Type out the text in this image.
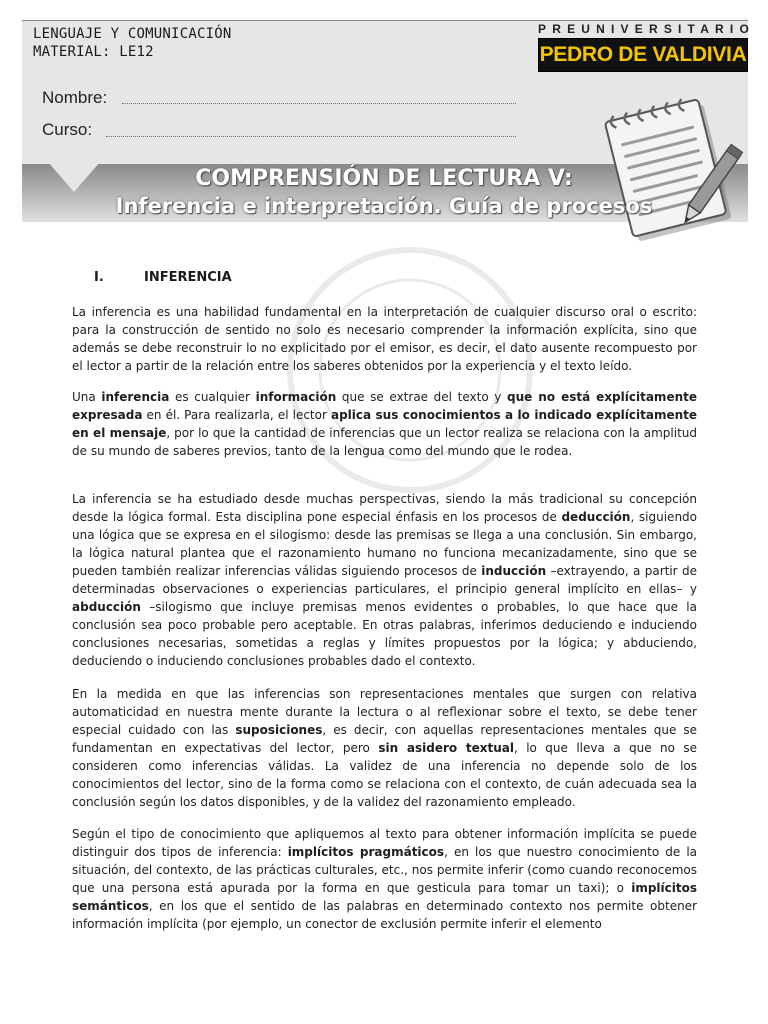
LENGUAJE Y COMUNICACIÓN
MATERIAL: LE12
PREUNIVERSITARIO
PEDRO DE VALDIVIA
Nombre:
Curso:
COMPRENSIÓN DE LECTURA V:
Inferencia e interpretación. Guía de procesos
I.	INFERENCIA

La inferencia es una habilidad fundamental en la interpretación de cualquier discurso oral o escrito: para la construcción de sentido no solo es necesario comprender la información explícita, sino que además se debe reconstruir lo no explicitado por el emisor, es decir, el dato ausente recompuesto por el lector a partir de la relación entre los saberes obtenidos por la experiencia y el texto leído.

Una inferencia es cualquier información que se extrae del texto y que no está explícitamente expresada en él. Para realizarla, el lector aplica sus conocimientos a lo indicado explícitamente en el mensaje, por lo que la cantidad de inferencias que un lector realiza se relaciona con la amplitud de su mundo de saberes previos, tanto de la lengua como del mundo que le rodea.

La inferencia se ha estudiado desde muchas perspectivas, siendo la más tradicional su concepción desde la lógica formal. Esta disciplina pone especial énfasis en los procesos de deducción, siguiendo una lógica que se expresa en el silogismo: desde las premisas se llega a una conclusión. Sin embargo, la lógica natural plantea que el razonamiento humano no funciona mecanizadamente, sino que se pueden también realizar inferencias válidas siguiendo procesos de inducción –extrayendo, a partir de determinadas observaciones o experiencias particulares, el principio general implícito en ellas– y abducción –silogismo que incluye premisas menos evidentes o probables, lo que hace que la conclusión sea poco probable pero aceptable. En otras palabras, inferimos deduciendo e induciendo conclusiones necesarias, sometidas a reglas y límites propuestos por la lógica; y abduciendo, deduciendo o induciendo conclusiones probables dado el contexto.

En la medida en que las inferencias son representaciones mentales que surgen con relativa automaticidad en nuestra mente durante la lectura o al reflexionar sobre el texto, se debe tener especial cuidado con las suposiciones, es decir, con aquellas representaciones mentales que se fundamentan en expectativas del lector, pero sin asidero textual, lo que lleva a que no se consideren como inferencias válidas. La validez de una inferencia no depende solo de los conocimientos del lector, sino de la forma como se relaciona con el contexto, de cuán adecuada sea la conclusión según los datos disponibles, y de la validez del razonamiento empleado.

Según el tipo de conocimiento que apliquemos al texto para obtener información implícita se puede distinguir dos tipos de inferencia: implícitos pragmáticos, en los que nuestro conocimiento de la situación, del contexto, de las prácticas culturales, etc., nos permite inferir (como cuando reconocemos que una persona está apurada por la forma en que gesticula para tomar un taxi); o implícitos semánticos, en los que el sentido de las palabras en determinado contexto nos permite obtener información implícita (por ejemplo, un conector de exclusión permite inferir el elemento
